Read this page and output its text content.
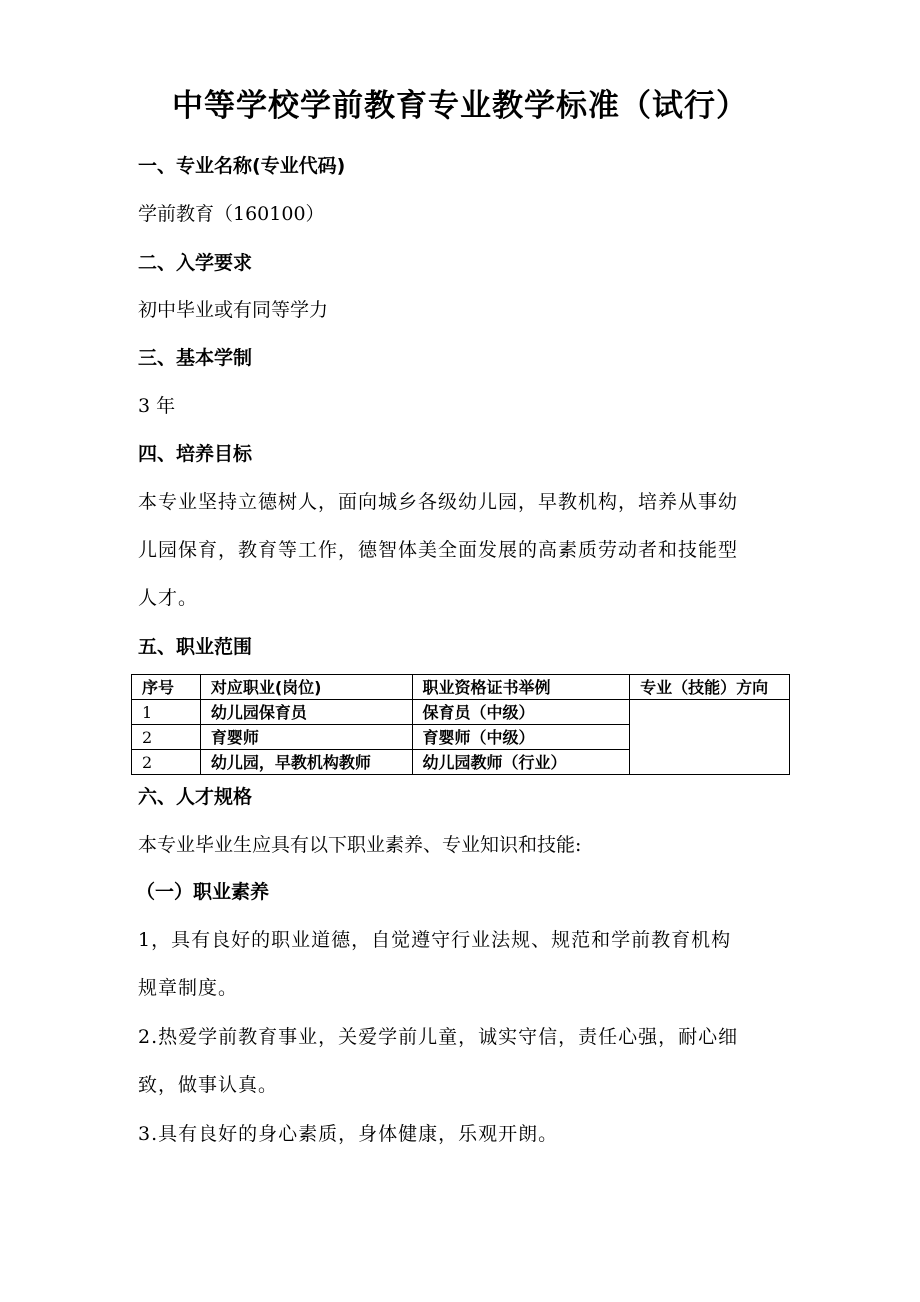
中等学校学前教育专业教学标准（试行）
一、专业名称(专业代码)
学前教育（160100）
二、入学要求
初中毕业或有同等学力
三、基本学制
3 年
四、培养目标
本专业坚持立德树人，面向城乡各级幼儿园，早教机构，培养从事幼
儿园保育，教育等工作，德智体美全面发展的高素质劳动者和技能型
人才。
五、职业范围
序号	对应职业(岗位)	职业资格证书举例	专业（技能）方向
1	幼儿园保育员	保育员（中级）	
2	育婴师	育婴师（中级）	
2	幼儿园，早教机构教师	幼儿园教师（行业）	
六、人才规格
本专业毕业生应具有以下职业素养、专业知识和技能:
（一）职业素养
1，具有良好的职业道德，自觉遵守行业法规、规范和学前教育机构
规章制度。
2.热爱学前教育事业，关爱学前儿童，诚实守信，责任心强，耐心细
致，做事认真。
3.具有良好的身心素质，身体健康，乐观开朗。
